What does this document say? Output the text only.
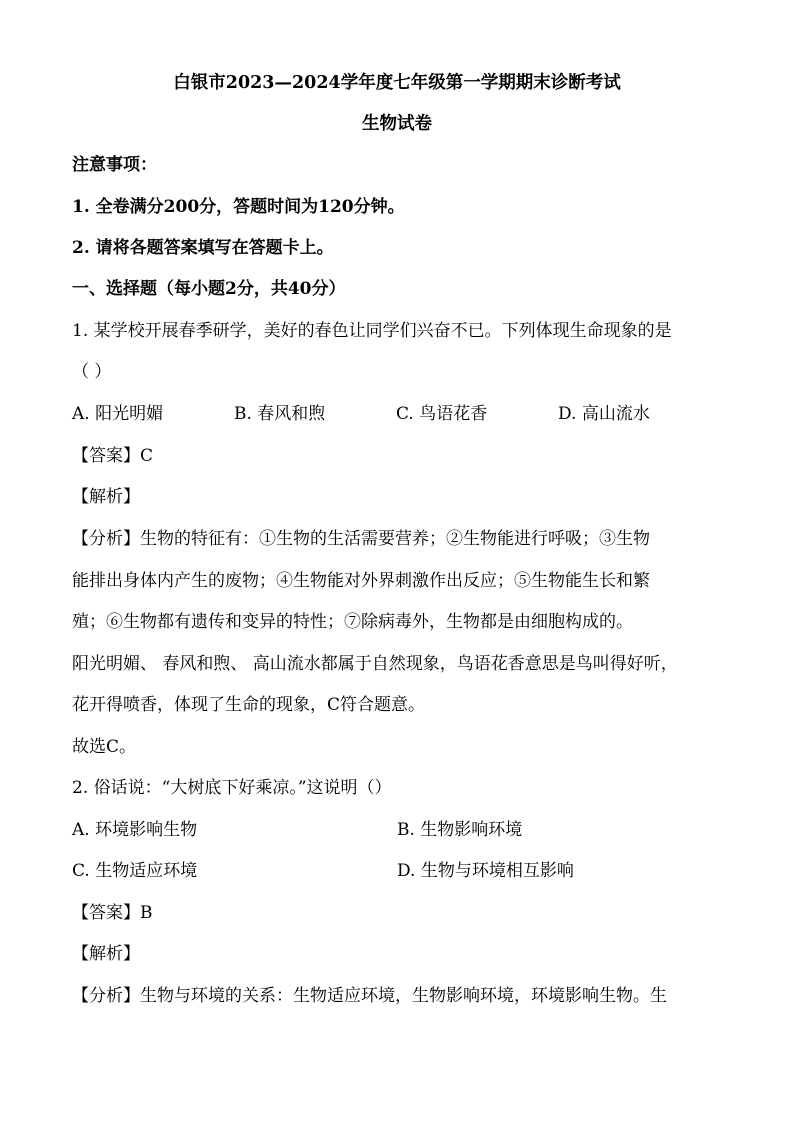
白银市2023—2024学年度七年级第一学期期末诊断考试
生物试卷
注意事项：
1. 全卷满分200分，答题时间为120分钟。
2. 请将各题答案填写在答题卡上。
一、选择题（每小题2分，共40分）
1. 某学校开展春季研学，美好的春色让同学们兴奋不已。下列体现生命现象的是
（ ）
A. 阳光明媚	B. 春风和煦	C. 鸟语花香	D. 高山流水
【答案】C
【解析】
【分析】生物的特征有：①生物的生活需要营养；②生物能进行呼吸；③生物
能排出身体内产生的废物；④生物能对外界刺激作出反应；⑤生物能生长和繁
殖；⑥生物都有遗传和变异的特性；⑦除病毒外，生物都是由细胞构成的。
阳光明媚、 春风和煦、 高山流水都属于自然现象，鸟语花香意思是鸟叫得好听，
花开得喷香，体现了生命的现象，C符合题意。
故选C。
2. 俗话说：“大树底下好乘凉。”这说明（）
A. 环境影响生物	B. 生物影响环境
C. 生物适应环境	D. 生物与环境相互影响
【答案】B
【解析】
【分析】生物与环境的关系：生物适应环境，生物影响环境，环境影响生物。生
